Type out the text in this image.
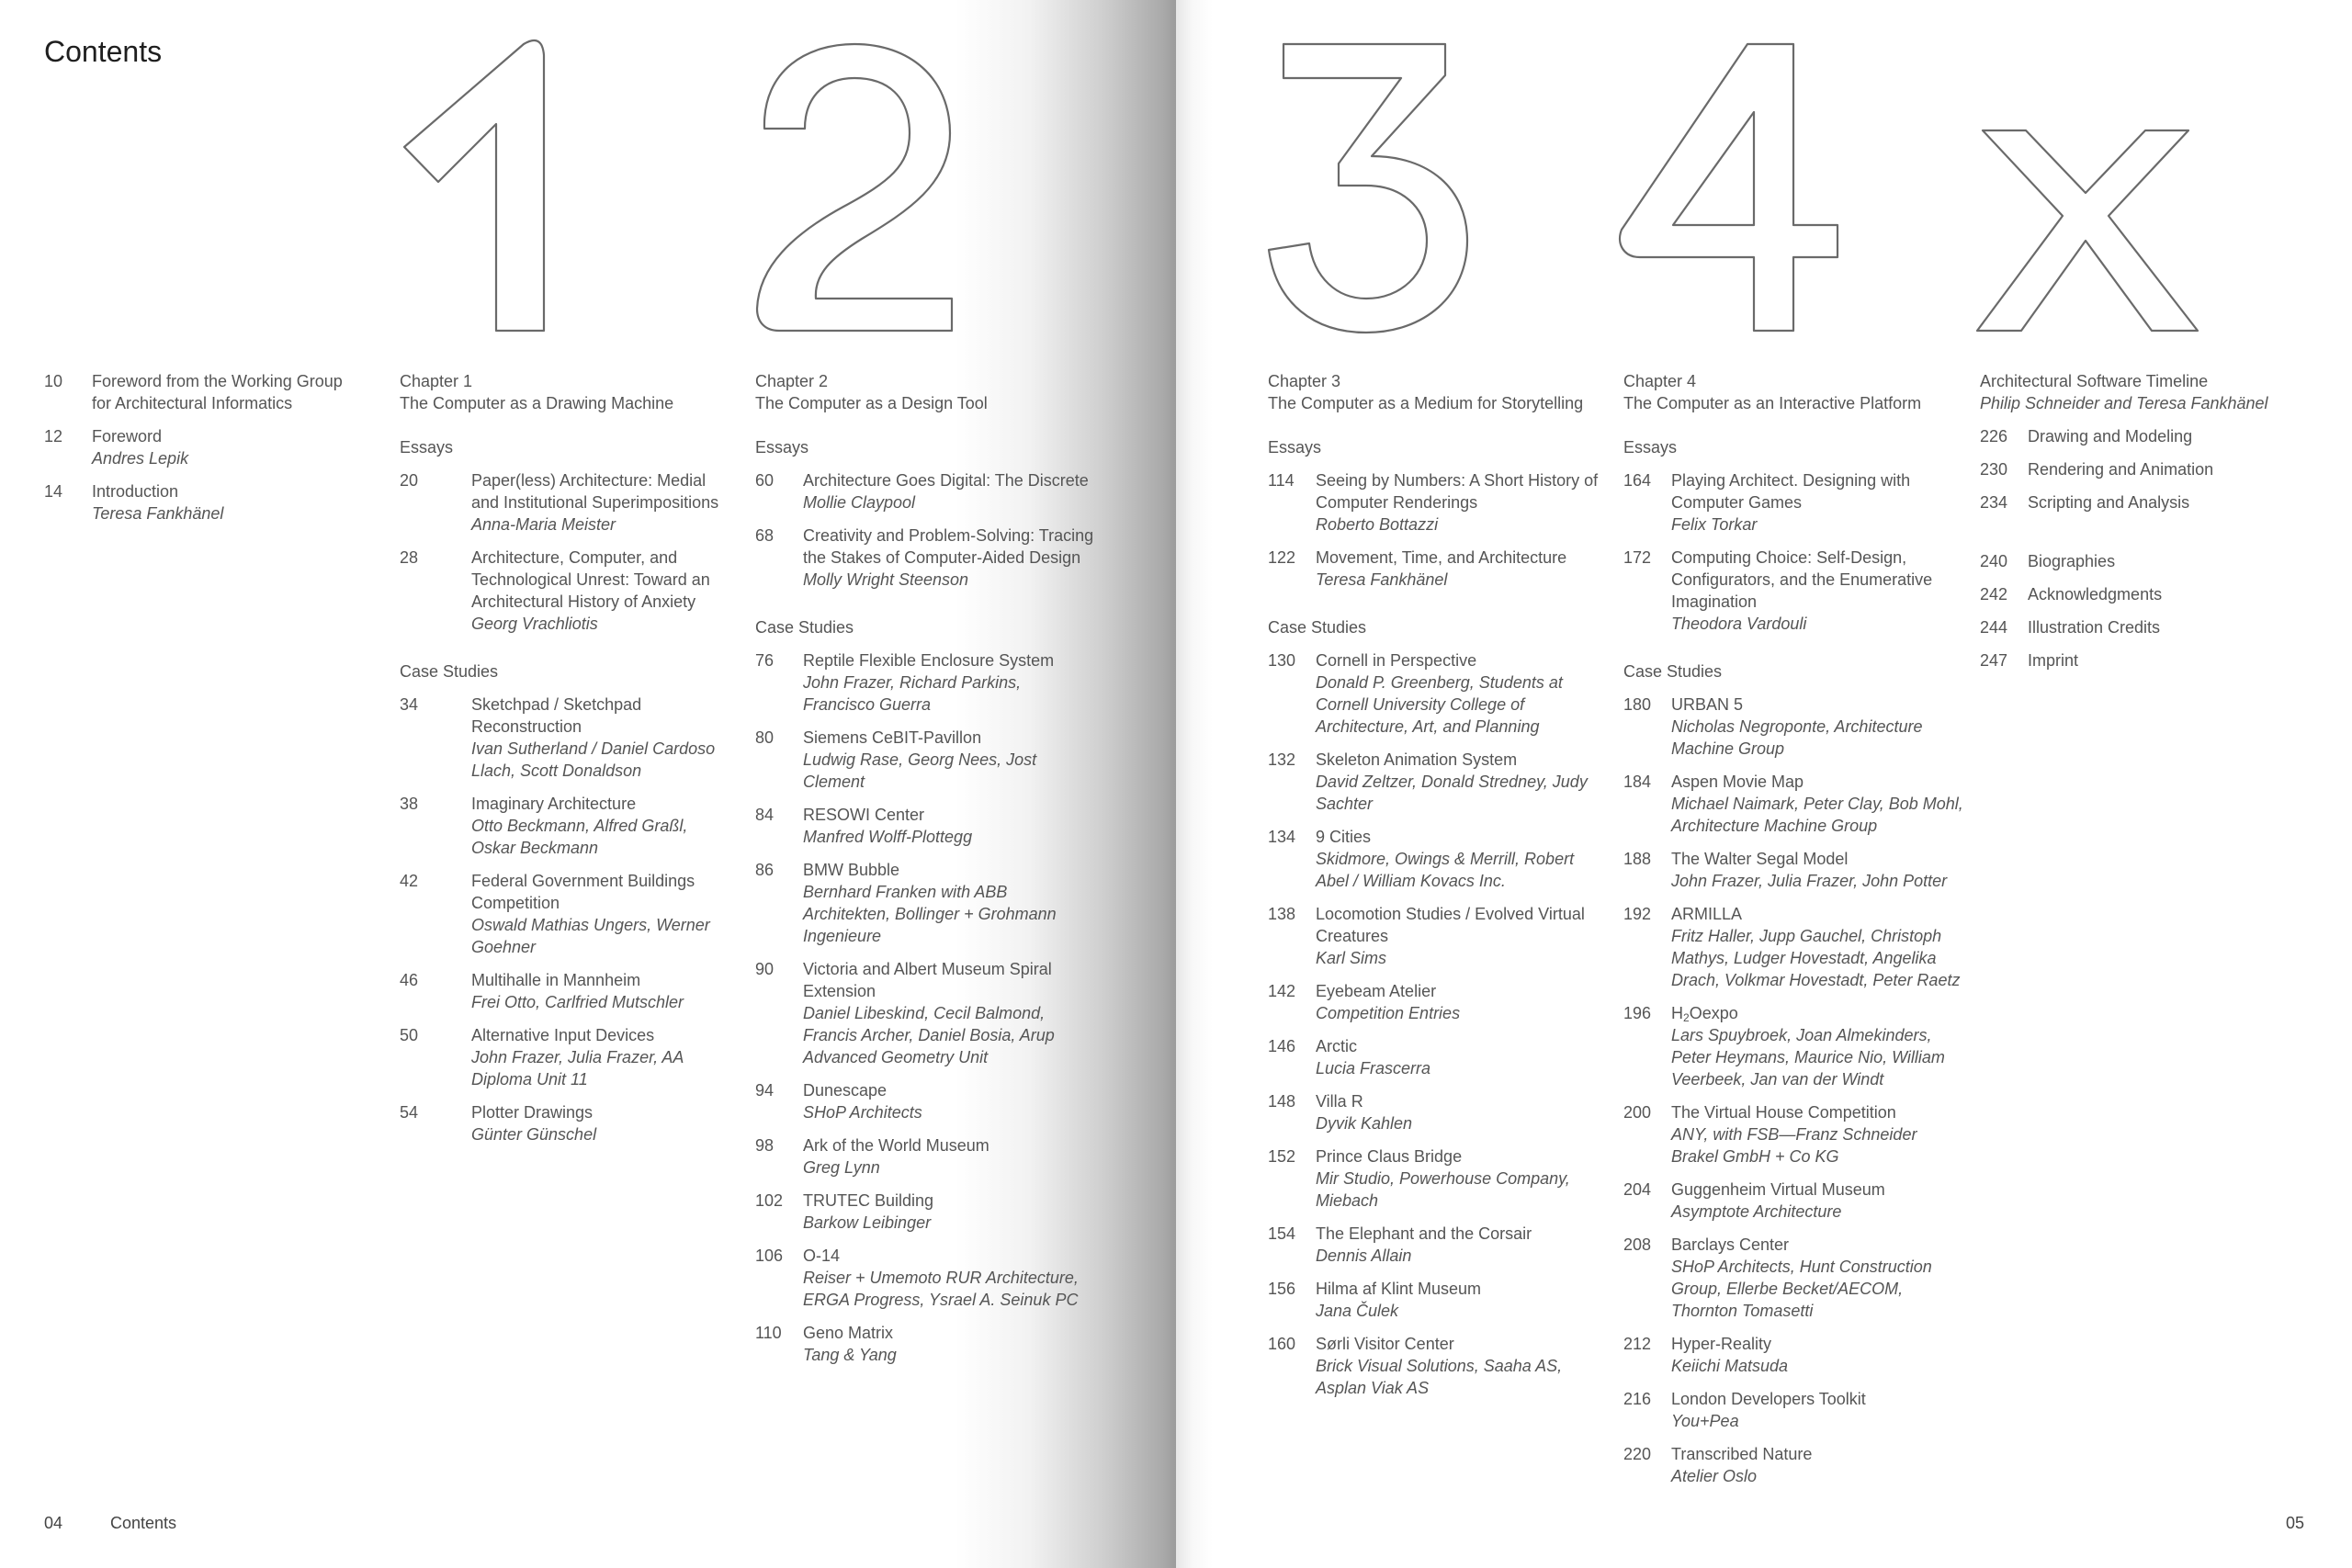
Contents
10	Foreword from the Working Group for Architectural Informatics
12	Foreword
Andres Lepik
14	Introduction
Teresa Fankhänel
Chapter 1
The Computer as a Drawing Machine
Essays
20	Paper(less) Architecture: Medial and Institutional Superimpositions
Anna-Maria Meister
28	Architecture, Computer, and Technological Unrest: Toward an Architectural History of Anxiety
Georg Vrachliotis
Case Studies
34	Sketchpad / Sketchpad Reconstruction
Ivan Sutherland / Daniel Cardoso Llach, Scott Donaldson
38	Imaginary Architecture
Otto Beckmann, Alfred Graßl, Oskar Beckmann
42	Federal Government Buildings Competition
Oswald Mathias Ungers, Werner Goehner
46	Multihalle in Mannheim
Frei Otto, Carlfried Mutschler
50	Alternative Input Devices
John Frazer, Julia Frazer, AA Diploma Unit 11
54	Plotter Drawings
Günter Günschel
Chapter 2
The Computer as a Design Tool
Essays
60	Architecture Goes Digital: The Discrete
Mollie Claypool
68	Creativity and Problem-Solving: Tracing the Stakes of Computer-Aided Design
Molly Wright Steenson
Case Studies
76	Reptile Flexible Enclosure System
John Frazer, Richard Parkins, Francisco Guerra
80	Siemens CeBIT-Pavillon
Ludwig Rase, Georg Nees, Jost Clement
84	RESOWI Center
Manfred Wolff-Plottegg
86	BMW Bubble
Bernhard Franken with ABB Architekten, Bollinger + Grohmann Ingenieure
90	Victoria and Albert Museum Spiral Extension
Daniel Libeskind, Cecil Balmond, Francis Archer, Daniel Bosia, Arup Advanced Geometry Unit
94	Dunescape
SHoP Architects
98	Ark of the World Museum
Greg Lynn
102	TRUTEC Building
Barkow Leibinger
106	O-14
Reiser + Umemoto RUR Architecture, ERGA Progress, Ysrael A. Seinuk PC
110	Geno Matrix
Tang & Yang
Chapter 3
The Computer as a Medium for Storytelling
Essays
114	Seeing by Numbers: A Short History of Computer Renderings
Roberto Bottazzi
122	Movement, Time, and Architecture
Teresa Fankhänel
Case Studies
130	Cornell in Perspective
Donald P. Greenberg, Students at Cornell University College of Architecture, Art, and Planning
132	Skeleton Animation System
David Zeltzer, Donald Stredney, Judy Sachter
134	9 Cities
Skidmore, Owings & Merrill, Robert Abel / William Kovacs Inc.
138	Locomotion Studies / Evolved Virtual Creatures
Karl Sims
142	Eyebeam Atelier
Competition Entries
146	Arctic
Lucia Frascerra
148	Villa R
Dyvik Kahlen
152	Prince Claus Bridge
Mir Studio, Powerhouse Company, Miebach
154	The Elephant and the Corsair
Dennis Allain
156	Hilma af Klint Museum
Jana Čulek
160	Sørli Visitor Center
Brick Visual Solutions, Saaha AS, Asplan Viak AS
Chapter 4
The Computer as an Interactive Platform
Essays
164	Playing Architect. Designing with Computer Games
Felix Torkar
172	Computing Choice: Self-Design, Configurators, and the Enumerative Imagination
Theodora Vardouli
Case Studies
180	URBAN 5
Nicholas Negroponte, Architecture Machine Group
184	Aspen Movie Map
Michael Naimark, Peter Clay, Bob Mohl, Architecture Machine Group
188	The Walter Segal Model
John Frazer, Julia Frazer, John Potter
192	ARMILLA
Fritz Haller, Jupp Gauchel, Christoph Mathys, Ludger Hovestadt, Angelika Drach, Volkmar Hovestadt, Peter Raetz
196	$H_2Oexpo$
Lars Spuybroek, Joan Almekinders, Peter Heymans, Maurice Nio, William Veerbeek, Jan van der Windt
200	The Virtual House Competition
ANY, with FSB—Franz Schneider Brakel GmbH + Co KG
204	Guggenheim Virtual Museum
Asymptote Architecture
208	Barclays Center
SHoP Architects, Hunt Construction Group, Ellerbe Becket/AECOM, Thornton Tomasetti
212	Hyper-Reality
Keiichi Matsuda
216	London Developers Toolkit
You+Pea
220	Transcribed Nature
Atelier Oslo
Architectural Software Timeline
Philip Schneider and Teresa Fankhänel
226	Drawing and Modeling
230	Rendering and Animation
234	Scripting and Analysis
240	Biographies
242	Acknowledgments
244	Illustration Credits
247	Imprint
04	Contents	05
